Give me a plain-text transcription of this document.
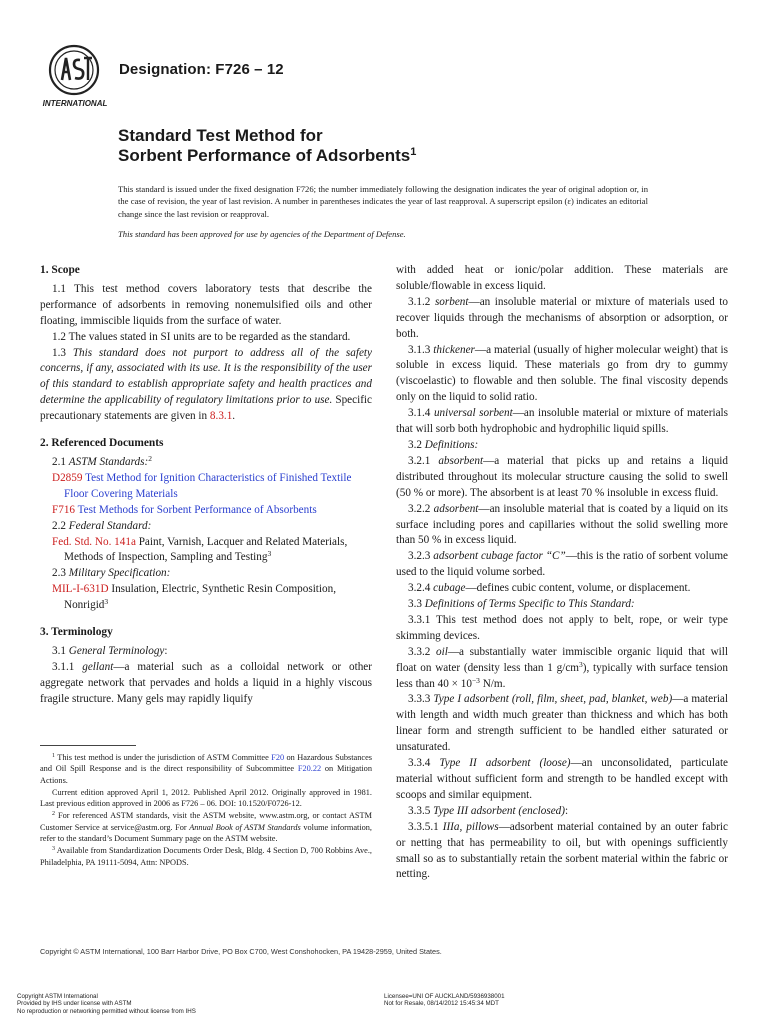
INTERNATIONAL
Designation: F726 – 12
Standard Test Method for
Sorbent Performance of Adsorbents$^1$
This standard is issued under the fixed designation F726; the number immediately following the designation indicates the year of original adoption or, in the case of revision, the year of last revision. A number in parentheses indicates the year of last reapproval. A superscript epsilon (ε) indicates an editorial change since the last revision or reapproval.
This standard has been approved for use by agencies of the Department of Defense.
1. Scope

1.1 This test method covers laboratory tests that describe the performance of adsorbents in removing nonemulsified oils and other floating, immiscible liquids from the surface of water.

1.2 The values stated in SI units are to be regarded as the standard.

1.3 This standard does not purport to address all of the safety concerns, if any, associated with its use. It is the responsibility of the user of this standard to establish appropriate safety and health practices and determine the applicability of regulatory limitations prior to use. Specific precautionary statements are given in 8.3.1.

2. Referenced Documents

2.1 ASTM Standards:$^2$

D2859 Test Method for Ignition Characteristics of Finished Textile Floor Covering Materials

F716 Test Methods for Sorbent Performance of Absorbents

2.2 Federal Standard:

Fed. Std. No. 141a Paint, Varnish, Lacquer and Related Materials, Methods of Inspection, Sampling and Testing$^3$

2.3 Military Specification:

MIL-I-631D Insulation, Electric, Synthetic Resin Composition, Nonrigid$^3$

3. Terminology

3.1 General Terminology:

3.1.1 gellant—a material such as a colloidal network or other aggregate network that pervades and holds a liquid in a highly viscous fragile structure. Many gels may rapidly liquify

with added heat or ionic/polar addition. These materials are soluble/flowable in excess liquid.

3.1.2 sorbent—an insoluble material or mixture of materials used to recover liquids through the mechanisms of absorption or adsorption, or both.

3.1.3 thickener—a material (usually of higher molecular weight) that is soluble in excess liquid. These materials go from dry to gummy (viscoelastic) to flowable and then soluble. The final viscosity depends only on the liquid to solid ratio.

3.1.4 universal sorbent—an insoluble material or mixture of materials that will sorb both hydrophobic and hydrophilic liquid spills.

3.2 Definitions:

3.2.1 absorbent—a material that picks up and retains a liquid distributed throughout its molecular structure causing the solid to swell (50 % or more). The absorbent is at least 70 % insoluble in excess fluid.

3.2.2 adsorbent—an insoluble material that is coated by a liquid on its surface including pores and capillaries without the solid swelling more than 50 % in excess liquid.

3.2.3 adsorbent cubage factor “C”—this is the ratio of sorbent volume used to the liquid volume sorbed.

3.2.4 cubage—defines cubic content, volume, or displacement.

3.3 Definitions of Terms Specific to This Standard:

3.3.1 This test method does not apply to belt, rope, or weir type skimming devices.

3.3.2 oil—a substantially water immiscible organic liquid that will float on water (density less than 1 $g/cm^3$), typically with surface tension less than $40 \times 10^{-3}$ N/m.

3.3.3 Type I adsorbent (roll, film, sheet, pad, blanket, web)—a material with length and width much greater than thickness and which has both linear form and strength sufficient to be handled either saturated or unsaturated.

3.3.4 Type II adsorbent (loose)—an unconsolidated, particulate material without sufficient form and strength to be handled except with scoops and similar equipment.

3.3.5 Type III adsorbent (enclosed):

3.3.5.1 IIIa, pillows—adsorbent material contained by an outer fabric or netting that has permeability to oil, but with openings sufficiently small so as to substantially retain the sorbent material within the fabric or netting.

$^1$ This test method is under the jurisdiction of ASTM Committee F20 on Hazardous Substances and Oil Spill Response and is the direct responsibility of Subcommittee F20.22 on Mitigation Actions.

Current edition approved April 1, 2012. Published April 2012. Originally approved in 1981. Last previous edition approved in 2006 as F726 – 06. DOI: 10.1520/F0726-12.

$^2$ For referenced ASTM standards, visit the ASTM website, www.astm.org, or contact ASTM Customer Service at service@astm.org. For Annual Book of ASTM Standards volume information, refer to the standard’s Document Summary page on the ASTM website.

$^3$ Available from Standardization Documents Order Desk, Bldg. 4 Section D, 700 Robbins Ave., Philadelphia, PA 19111-5094, Attn: NPODS.

Copyright © ASTM International, 100 Barr Harbor Drive, PO Box C700, West Conshohocken, PA 19428-2959, United States.
Copyright ASTM International
Provided by IHS under license with ASTM
No reproduction or networking permitted without license from IHS
Licensee=UNI OF AUCKLAND/5936938001
Not for Resale, 08/14/2012 15:45:34 MDT
